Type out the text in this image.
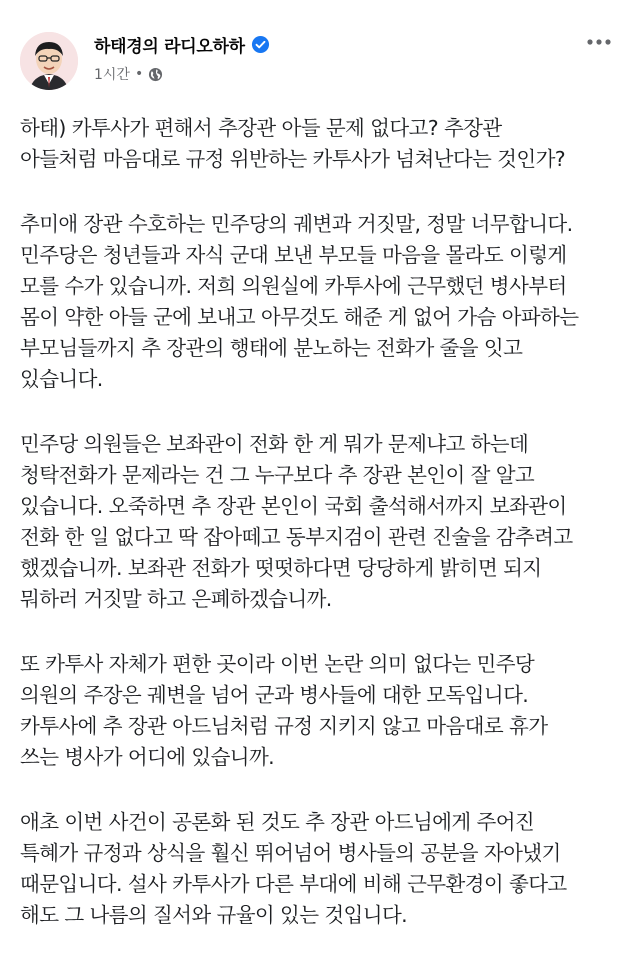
하태경의 라디오하하
1시간 •

하태) 카투사가 편해서 추장관 아들 문제 없다고? 추장관
아들처럼 마음대로 규정 위반하는 카투사가 넘쳐난다는 것인가?

추미애 장관 수호하는 민주당의 궤변과 거짓말, 정말 너무합니다.
민주당은 청년들과 자식 군대 보낸 부모들 마음을 몰라도 이렇게
모를 수가 있습니까. 저희 의원실에 카투사에 근무했던 병사부터
몸이 약한 아들 군에 보내고 아무것도 해준 게 없어 가슴 아파하는
부모님들까지 추 장관의 행태에 분노하는 전화가 줄을 잇고
있습니다.

민주당 의원들은 보좌관이 전화 한 게 뭐가 문제냐고 하는데
청탁전화가 문제라는 건 그 누구보다 추 장관 본인이 잘 알고
있습니다. 오죽하면 추 장관 본인이 국회 출석해서까지 보좌관이
전화 한 일 없다고 딱 잡아떼고 동부지검이 관련 진술을 감추려고
했겠습니까. 보좌관 전화가 떳떳하다면 당당하게 밝히면 되지
뭐하러 거짓말 하고 은폐하겠습니까.

또 카투사 자체가 편한 곳이라 이번 논란 의미 없다는 민주당
의원의 주장은 궤변을 넘어 군과 병사들에 대한 모독입니다.
카투사에 추 장관 아드님처럼 규정 지키지 않고 마음대로 휴가
쓰는 병사가 어디에 있습니까.

애초 이번 사건이 공론화 된 것도 추 장관 아드님에게 주어진
특혜가 규정과 상식을 훨신 뛰어넘어 병사들의 공분을 자아냈기
때문입니다. 설사 카투사가 다른 부대에 비해 근무환경이 좋다고
해도 그 나름의 질서와 규율이 있는 것입니다.
